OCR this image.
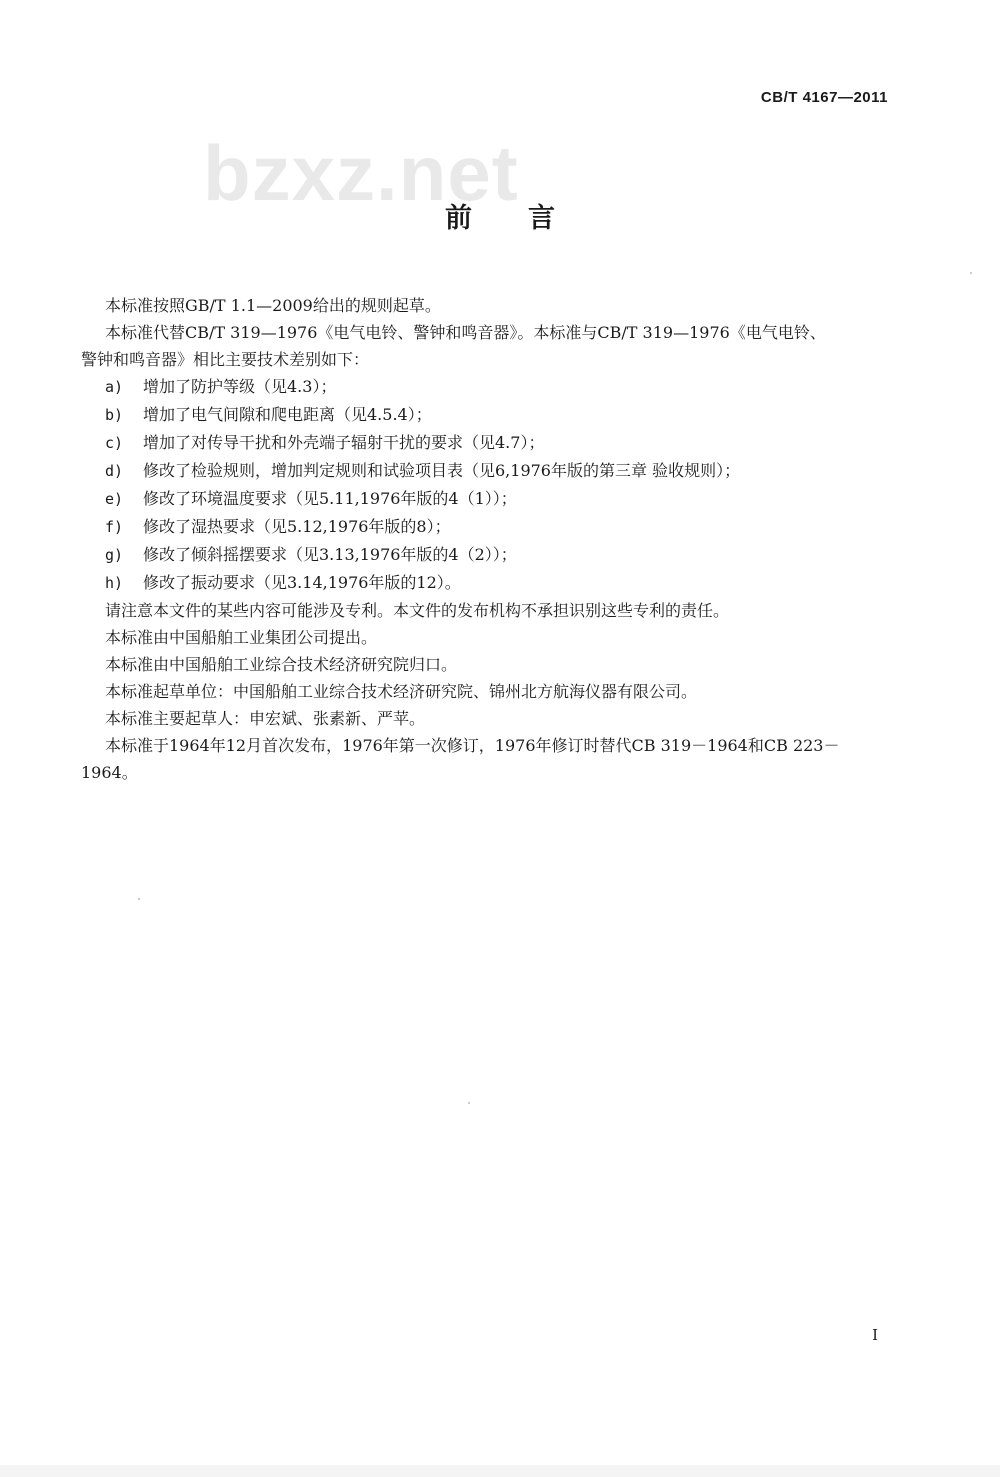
CB/T 4167—2011
bzxz.net
前言

本标准按照GB/T 1.1—2009给出的规则起草。

本标准代替CB/T 319—1976《电气电铃、警钟和鸣音器》。本标准与CB/T 319—1976《电气电铃、
警钟和鸣音器》相比主要技术差别如下：

a) 增加了防护等级（见4.3）；

b) 增加了电气间隙和爬电距离（见4.5.4）；

c) 增加了对传导干扰和外壳端子辐射干扰的要求（见4.7）；

d) 修改了检验规则，增加判定规则和试验项目表（见6,1976年版的第三章 验收规则）；

e) 修改了环境温度要求（见5.11,1976年版的4（1））；

f) 修改了湿热要求（见5.12,1976年版的8）；

g) 修改了倾斜摇摆要求（见3.13,1976年版的4（2））；

h) 修改了振动要求（见3.14,1976年版的12）。

请注意本文件的某些内容可能涉及专利。本文件的发布机构不承担识别这些专利的责任。

本标准由中国船舶工业集团公司提出。

本标准由中国船舶工业综合技术经济研究院归口。

本标准起草单位：中国船舶工业综合技术经济研究院、锦州北方航海仪器有限公司。

本标准主要起草人：申宏斌、张素新、严苹。

本标准于1964年12月首次发布，1976年第一次修订，1976年修订时替代CB 319－1964和CB 223－
1964。
I
